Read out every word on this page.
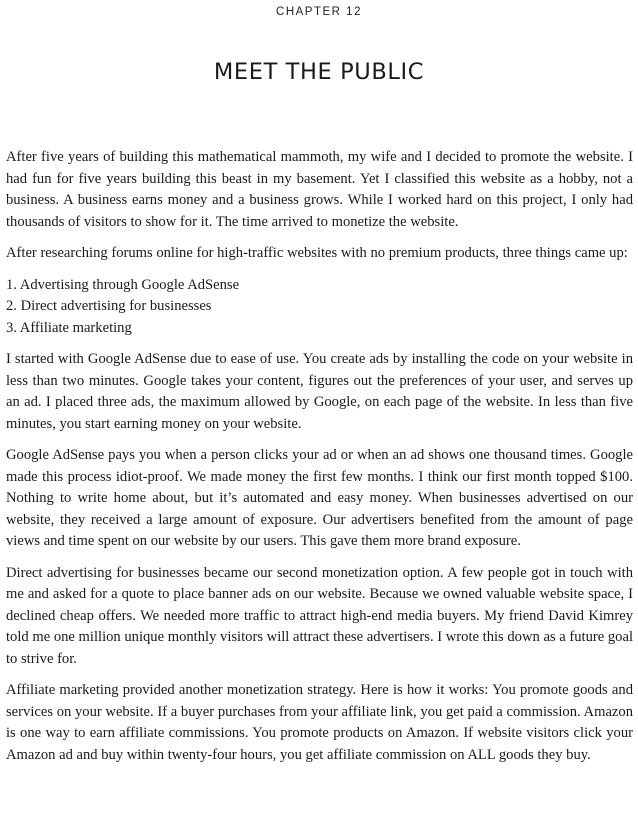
CHAPTER 12
MEET THE PUBLIC

After five years of building this mathematical mammoth, my wife and I decided to promote the website. I had fun for five years building this beast in my basement. Yet I classified this website as a hobby, not a business. A business earns money and a business grows. While I worked hard on this project, I only had thousands of visitors to show for it. The time arrived to monetize the website.

After researching forums online for high-traffic websites with no premium products, three things came up:

1. Advertising through Google AdSense
2. Direct advertising for businesses
3. Affiliate marketing

I started with Google AdSense due to ease of use. You create ads by installing the code on your website in less than two minutes. Google takes your content, figures out the preferences of your user, and serves up an ad. I placed three ads, the maximum allowed by Google, on each page of the website. In less than five minutes, you start earning money on your website.

Google AdSense pays you when a person clicks your ad or when an ad shows one thousand times. Google made this process idiot-proof. We made money the first few months. I think our first month topped $100. Nothing to write home about, but it’s automated and easy money. When businesses advertised on our website, they received a large amount of exposure. Our advertisers benefited from the amount of page views and time spent on our website by our users. This gave them more brand exposure.

Direct advertising for businesses became our second monetization option. A few people got in touch with me and asked for a quote to place banner ads on our website. Because we owned valuable website space, I declined cheap offers. We needed more traffic to attract high-end media buyers. My friend David Kimrey told me one million unique monthly visitors will attract these advertisers. I wrote this down as a future goal to strive for.

Affiliate marketing provided another monetization strategy. Here is how it works: You promote goods and services on your website. If a buyer purchases from your affiliate link, you get paid a commission. Amazon is one way to earn affiliate commissions. You promote products on Amazon. If website visitors click your Amazon ad and buy within twenty-four hours, you get affiliate commission on ALL goods they buy.
